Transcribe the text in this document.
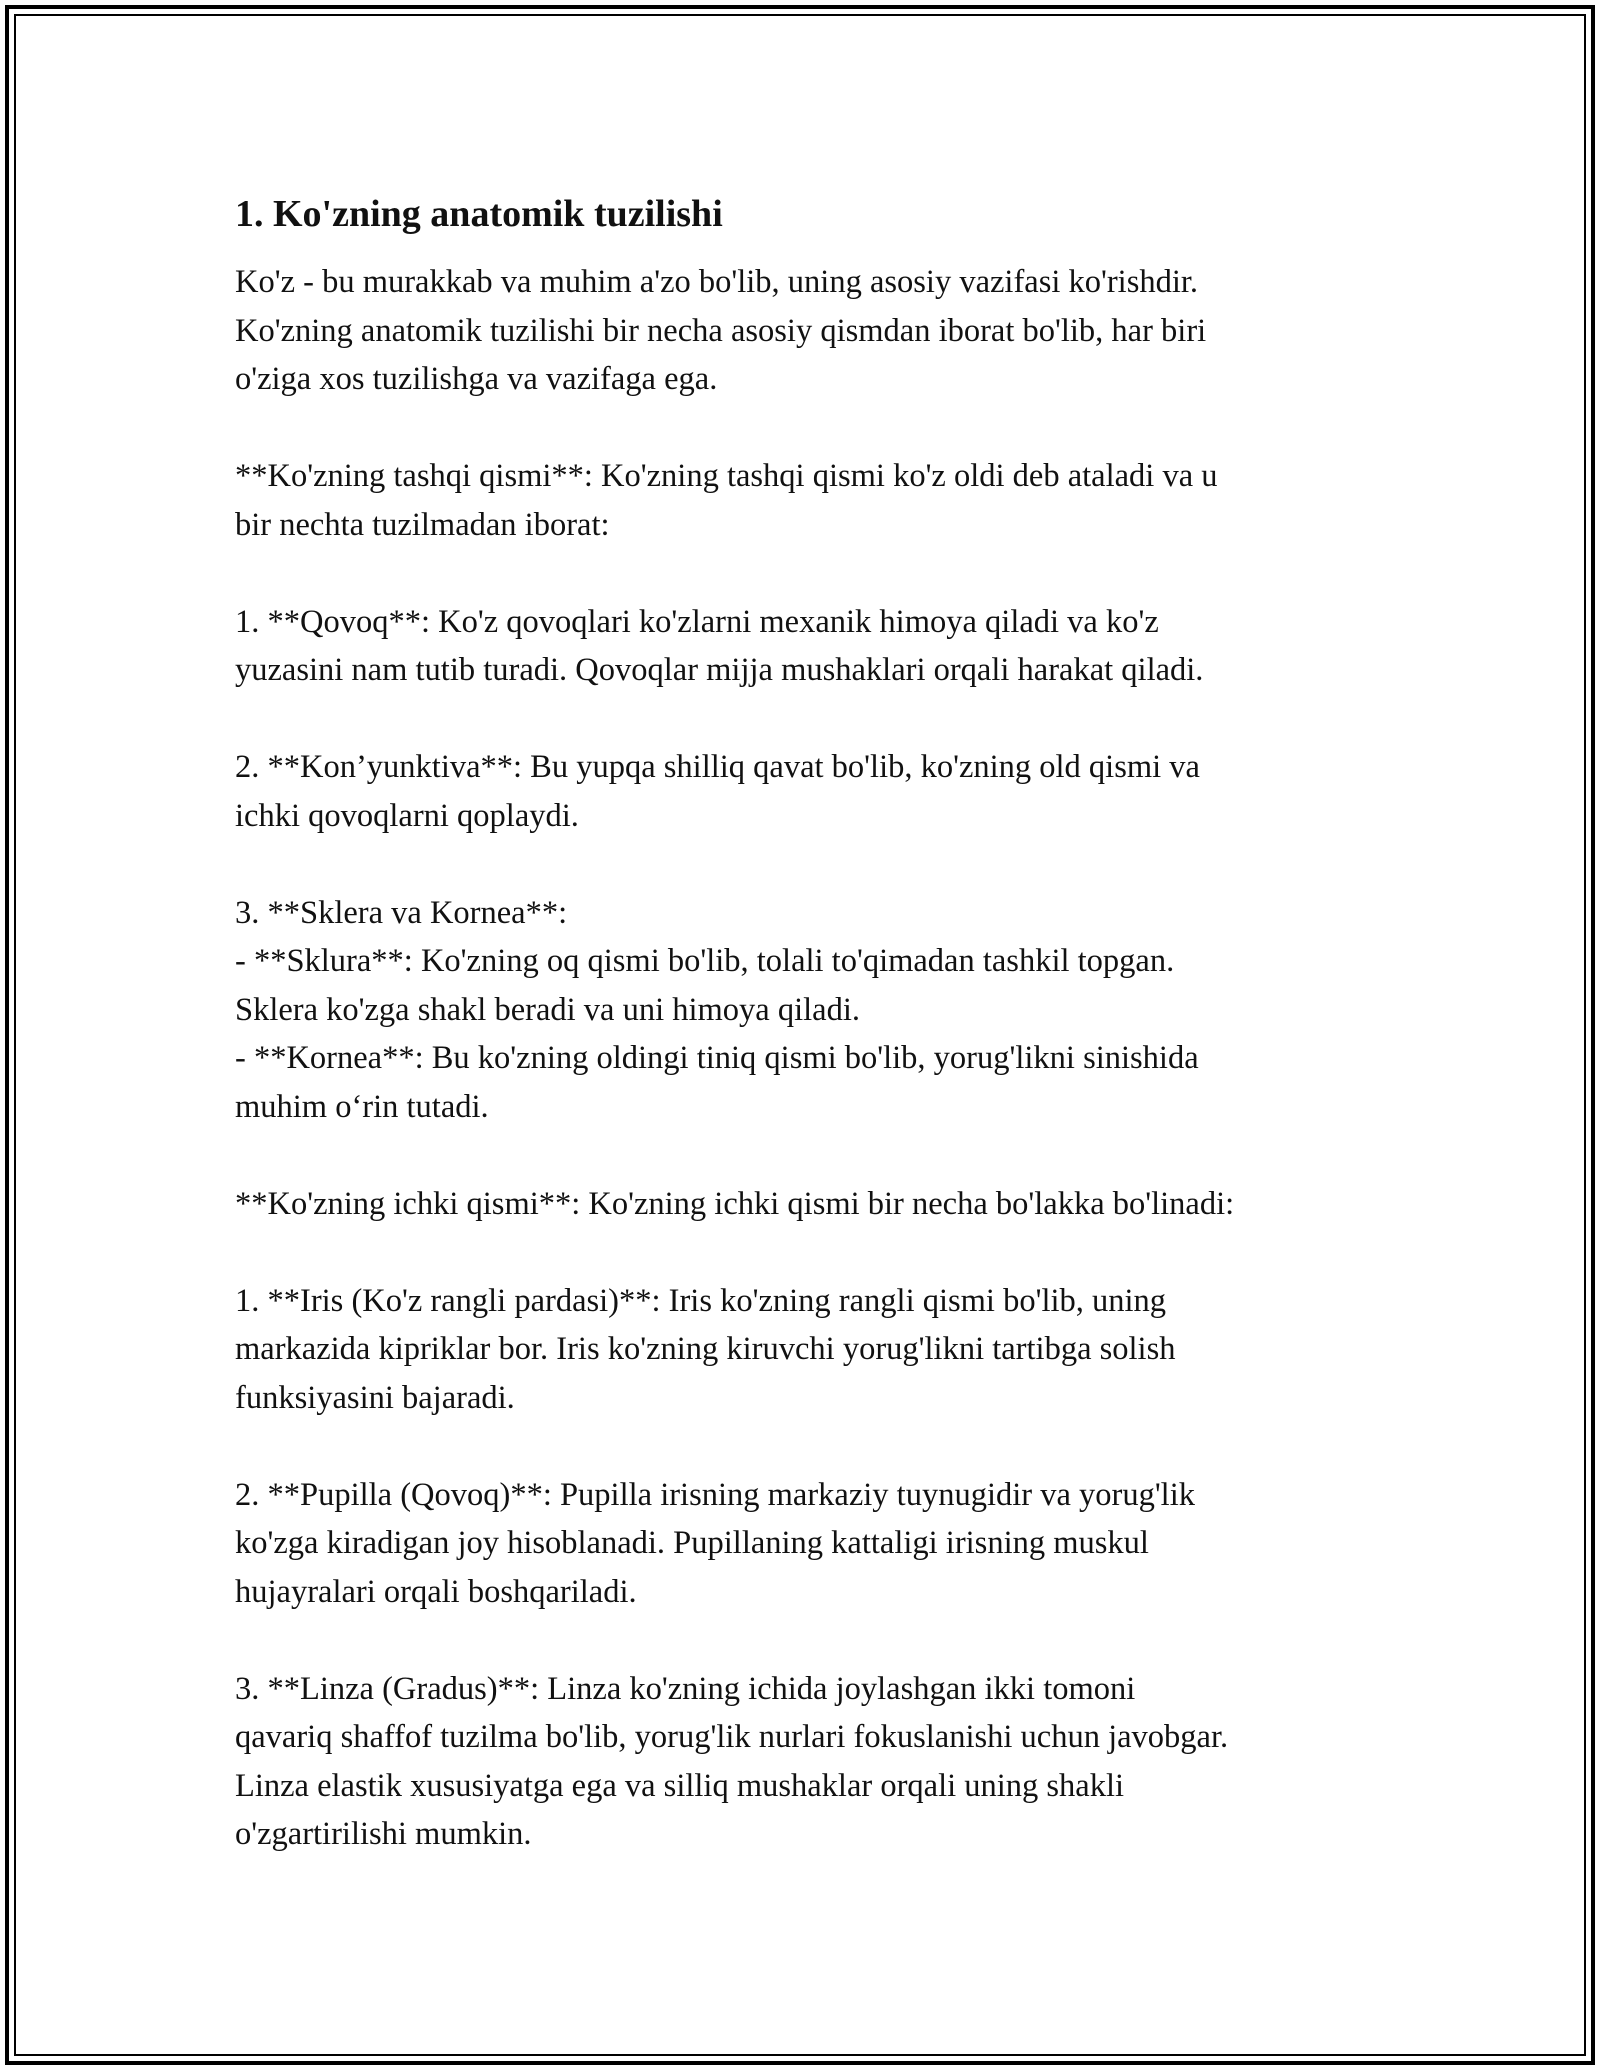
1. Ko'zning anatomik tuzilishi

Ko'z - bu murakkab va muhim a'zo bo'lib, uning asosiy vazifasi ko'rishdir.
Ko'zning anatomik tuzilishi bir necha asosiy qismdan iborat bo'lib, har biri
o'ziga xos tuzilishga va vazifaga ega.

**Ko'zning tashqi qismi**: Ko'zning tashqi qismi ko'z oldi deb ataladi va u
bir nechta tuzilmadan iborat:

1. **Qovoq**: Ko'z qovoqlari ko'zlarni mexanik himoya qiladi va ko'z
yuzasini nam tutib turadi. Qovoqlar mijja mushaklari orqali harakat qiladi.

2. **Kon’yunktiva**: Bu yupqa shilliq qavat bo'lib, ko'zning old qismi va
ichki qovoqlarni qoplaydi.

3. **Sklera va Kornea**:
- **Sklura**: Ko'zning oq qismi bo'lib, tolali to'qimadan tashkil topgan.
Sklera ko'zga shakl beradi va uni himoya qiladi.
- **Kornea**: Bu ko'zning oldingi tiniq qismi bo'lib, yorug'likni sinishida
muhim o‘rin tutadi.

**Ko'zning ichki qismi**: Ko'zning ichki qismi bir necha bo'lakka bo'linadi:

1. **Iris (Ko'z rangli pardasi)**: Iris ko'zning rangli qismi bo'lib, uning
markazida kipriklar bor. Iris ko'zning kiruvchi yorug'likni tartibga solish
funksiyasini bajaradi.

2. **Pupilla (Qovoq)**: Pupilla irisning markaziy tuynugidir va yorug'lik
ko'zga kiradigan joy hisoblanadi. Pupillaning kattaligi irisning muskul
hujayralari orqali boshqariladi.

3. **Linza (Gradus)**: Linza ko'zning ichida joylashgan ikki tomoni
qavariq shaffof tuzilma bo'lib, yorug'lik nurlari fokuslanishi uchun javobgar.
Linza elastik xususiyatga ega va silliq mushaklar orqali uning shakli
o'zgartirilishi mumkin.
